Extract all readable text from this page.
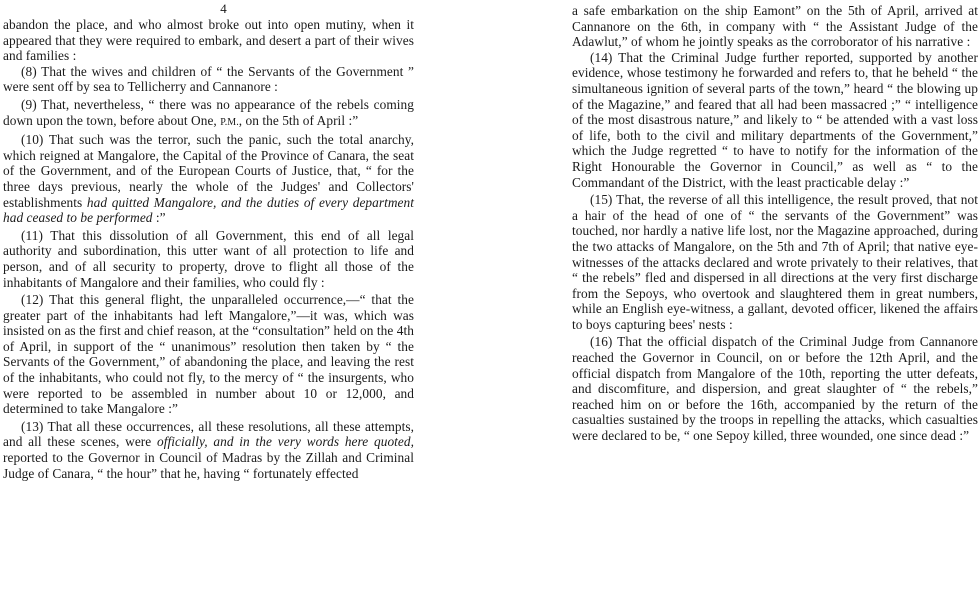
4

abandon the place, and who almost broke out into open mutiny, when it appeared that they were required to embark, and desert a part of their wives and families :

(8) That the wives and children of “ the Servants of the Government ” were sent off by sea to Tellicherry and Cannanore :

(9) That, nevertheless, “ there was no appearance of the rebels coming down upon the town, before about One, P.M., on the 5th of April :”

(10) That such was the terror, such the panic, such the total anarchy, which reigned at Mangalore, the Capital of the Province of Canara, the seat of the Government, and of the European Courts of Justice, that, “ for the three days previous, nearly the whole of the Judges' and Collectors' establishments had quitted Mangalore, and the duties of every department had ceased to be performed :”

(11) That this dissolution of all Government, this end of all legal authority and subordination, this utter want of all protection to life and person, and of all security to property, drove to flight all those of the inhabitants of Mangalore and their families, who could fly :

(12) That this general flight, the unparalleled occurrence,—“ that the greater part of the inhabitants had left Mangalore,”—it was, which was insisted on as the first and chief reason, at the “consultation” held on the 4th of April, in support of the “ unanimous” resolution then taken by “ the Servants of the Government,” of abandoning the place, and leaving the rest of the inhabitants, who could not fly, to the mercy of “ the insurgents, who were reported to be assembled in number about 10 or 12,000, and determined to take Mangalore :”

(13) That all these occurrences, all these resolutions, all these attempts, and all these scenes, were officially, and in the very words here quoted, reported to the Governor in Council of Madras by the Zillah and Criminal Judge of Canara, “ the hour” that he, having “ fortunately effected

a safe embarkation on the ship Eamont” on the 5th of April, arrived at Cannanore on the 6th, in company with “ the Assistant Judge of the Adawlut,” of whom he jointly speaks as the corroborator of his narrative :

(14) That the Criminal Judge further reported, supported by another evidence, whose testimony he forwarded and refers to, that he beheld “ the simultaneous ignition of several parts of the town,” heard “ the blowing up of the Magazine,” and feared that all had been massacred ;” “ intelligence of the most disastrous nature,” and likely to “ be attended with a vast loss of life, both to the civil and military departments of the Government,” which the Judge regretted “ to have to notify for the information of the Right Honourable the Governor in Council,” as well as “ to the Commandant of the District, with the least practicable delay :”

(15) That, the reverse of all this intelligence, the result proved, that not a hair of the head of one of “ the servants of the Government” was touched, nor hardly a native life lost, nor the Magazine approached, during the two attacks of Mangalore, on the 5th and 7th of April; that native eye-witnesses of the attacks declared and wrote privately to their relatives, that “ the rebels” fled and dispersed in all directions at the very first discharge from the Sepoys, who overtook and slaughtered them in great numbers, while an English eye-witness, a gallant, devoted officer, likened the affairs to boys capturing bees' nests :

(16) That the official dispatch of the Criminal Judge from Cannanore reached the Governor in Council, on or before the 12th April, and the official dispatch from Mangalore of the 10th, reporting the utter defeats, and discomfiture, and dispersion, and great slaughter of “ the rebels,” reached him on or before the 16th, accompanied by the return of the casualties sustained by the troops in repelling the attacks, which casualties were declared to be, “ one Sepoy killed, three wounded, one since dead :”
